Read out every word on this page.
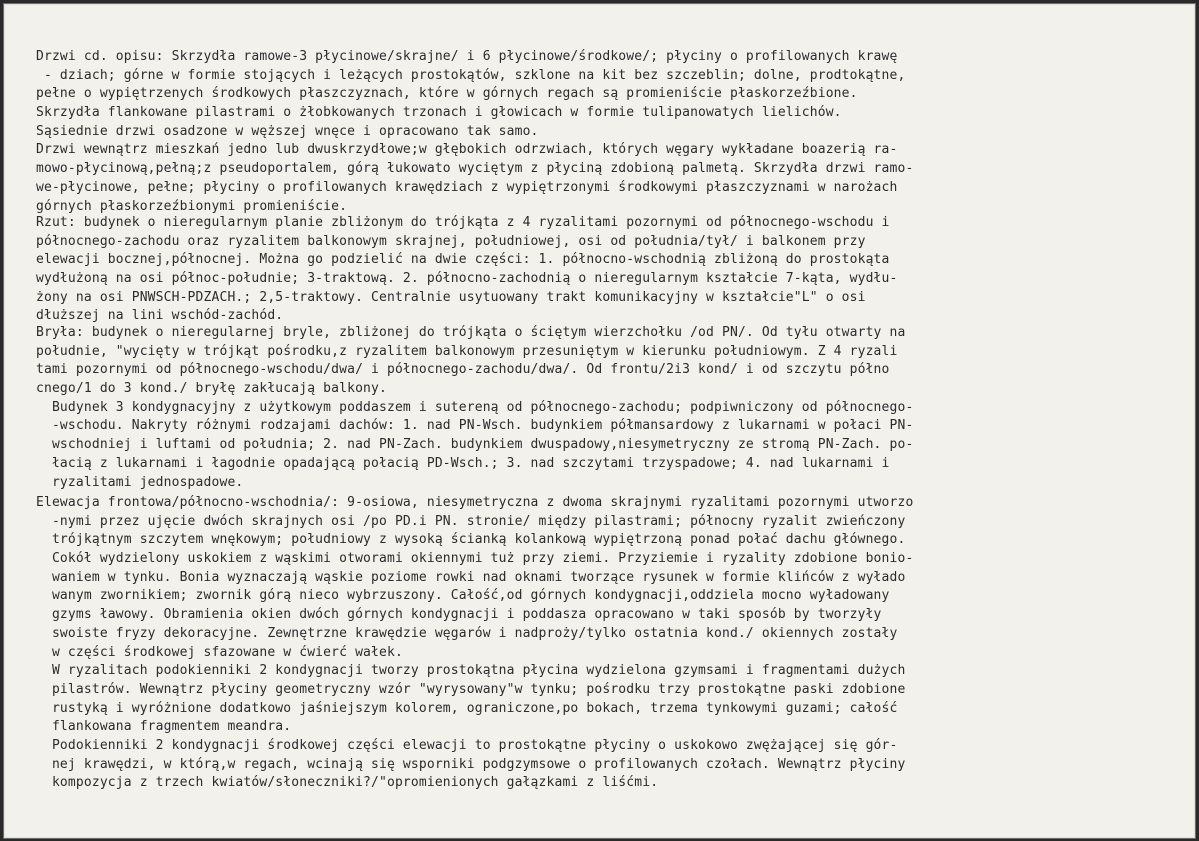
Drzwi cd. opisu: Skrzydła ramowe-3 płycinowe/skrajne/ i 6 płycinowe/środkowe/; płyciny o profilowanych krawę
- dziach; górne w formie stojących i leżących prostokątów, szklone na kit bez szczeblin; dolne, prodtokątne,
pełne o wypiętrzenych środkowych płaszczyznach, które w górnych regach są promieniście płaskorzeźbione.
Skrzydła flankowane pilastrami o żłobkowanych trzonach i głowicach w formie tulipanowatych lielichów.
Sąsiednie drzwi osadzone w węższej wnęce i opracowano tak samo.
Drzwi wewnątrz mieszkań jedno lub dwuskrzydłowe;w głębokich odrzwiach, których węgary wykładane boazerią ra-
mowo-płycinową,pełną;z pseudoportalem, górą łukowato wyciętym z płyciną zdobioną palmetą. Skrzydła drzwi ramo-
we-płycinowe, pełne; płyciny o profilowanych krawędziach z wypiętrzonymi środkowymi płaszczyznami w narożach
górnych płaskorzeźbionymi promieniście.
Rzut: budynek o nieregularnym planie zbliżonym do trójkąta z 4 ryzalitami pozornymi od północnego-wschodu i
północnego-zachodu oraz ryzalitem balkonowym skrajnej, południowej, osi od południa/tył/ i balkonem przy
elewacji bocznej,północnej. Można go podzielić na dwie części: 1. północno-wschodnią zbliżoną do prostokąta
wydłużoną na osi północ-południe; 3-traktową. 2. północno-zachodnią o nieregularnym kształcie 7-kąta, wydłu-
żony na osi PNWSCH-PDZACH.; 2,5-traktowy. Centralnie usytuowany trakt komunikacyjny w kształcie"L" o osi
dłuższej na lini wschód-zachód.
Bryła: budynek o nieregularnej bryle, zbliżonej do trójkąta o ściętym wierzchołku /od PN/. Od tyłu otwarty na
południe, "wycięty w trójkąt pośrodku,z ryzalitem balkonowym przesuniętym w kierunku południowym. Z 4 ryzali
tami pozornymi od północnego-wschodu/dwa/ i północnego-zachodu/dwa/. Od frontu/2i3 kond/ i od szczytu półno
cnego/1 do 3 kond./ bryłę zakłucają balkony.
Budynek 3 kondygnacyjny z użytkowym poddaszem i sutereną od północnego-zachodu; podpiwniczony od północnego-
-wschodu. Nakryty różnymi rodzajami dachów: 1. nad PN-Wsch. budynkiem półmansardowy z lukarnami w połaci PN-
wschodniej i luftami od południa; 2. nad PN-Zach. budynkiem dwuspadowy,niesymetryczny ze stromą PN-Zach. po-
łacią z lukarnami i łagodnie opadającą połacią PD-Wsch.; 3. nad szczytami trzyspadowe; 4. nad lukarnami i
ryzalitami jednospadowe.
Elewacja frontowa/północno-wschodnia/: 9-osiowa, niesymetryczna z dwoma skrajnymi ryzalitami pozornymi utworzo
-nymi przez ujęcie dwóch skrajnych osi /po PD.i PN. stronie/ między pilastrami; północny ryzalit zwieńczony
trójkątnym szczytem wnękowym; południowy z wysoką ścianką kolankową wypiętrzoną ponad połać dachu głównego.
Cokół wydzielony uskokiem z wąskimi otworami okiennymi tuż przy ziemi. Przyziemie i ryzality zdobione bonio-
waniem w tynku. Bonia wyznaczają wąskie poziome rowki nad oknami tworzące rysunek w formie klińców z wyłado
wanym zwornikiem; zwornik górą nieco wybrzuszony. Całość,od górnych kondygnacji,oddziela mocno wyładowany
gzyms ławowy. Obramienia okien dwóch górnych kondygnacji i poddasza opracowano w taki sposób by tworzyły
swoiste fryzy dekoracyjne. Zewnętrzne krawędzie węgarów i nadproży/tylko ostatnia kond./ okiennych zostały
w części środkowej sfazowane w ćwierć wałek.
W ryzalitach podokienniki 2 kondygnacji tworzy prostokątna płycina wydzielona gzymsami i fragmentami dużych
pilastrów. Wewnątrz płyciny geometryczny wzór "wyrysowany"w tynku; pośrodku trzy prostokątne paski zdobione
rustyką i wyróżnione dodatkowo jaśniejszym kolorem, ograniczone,po bokach, trzema tynkowymi guzami; całość
flankowana fragmentem meandra.
Podokienniki 2 kondygnacji środkowej części elewacji to prostokątne płyciny o uskokowo zwężającej się gór-
nej krawędzi, w którą,w regach, wcinają się wsporniki podgzymsowe o profilowanych czołach. Wewnątrz płyciny
kompozycja z trzech kwiatów/słoneczniki?/"opromienionych gałązkami z liśćmi.
